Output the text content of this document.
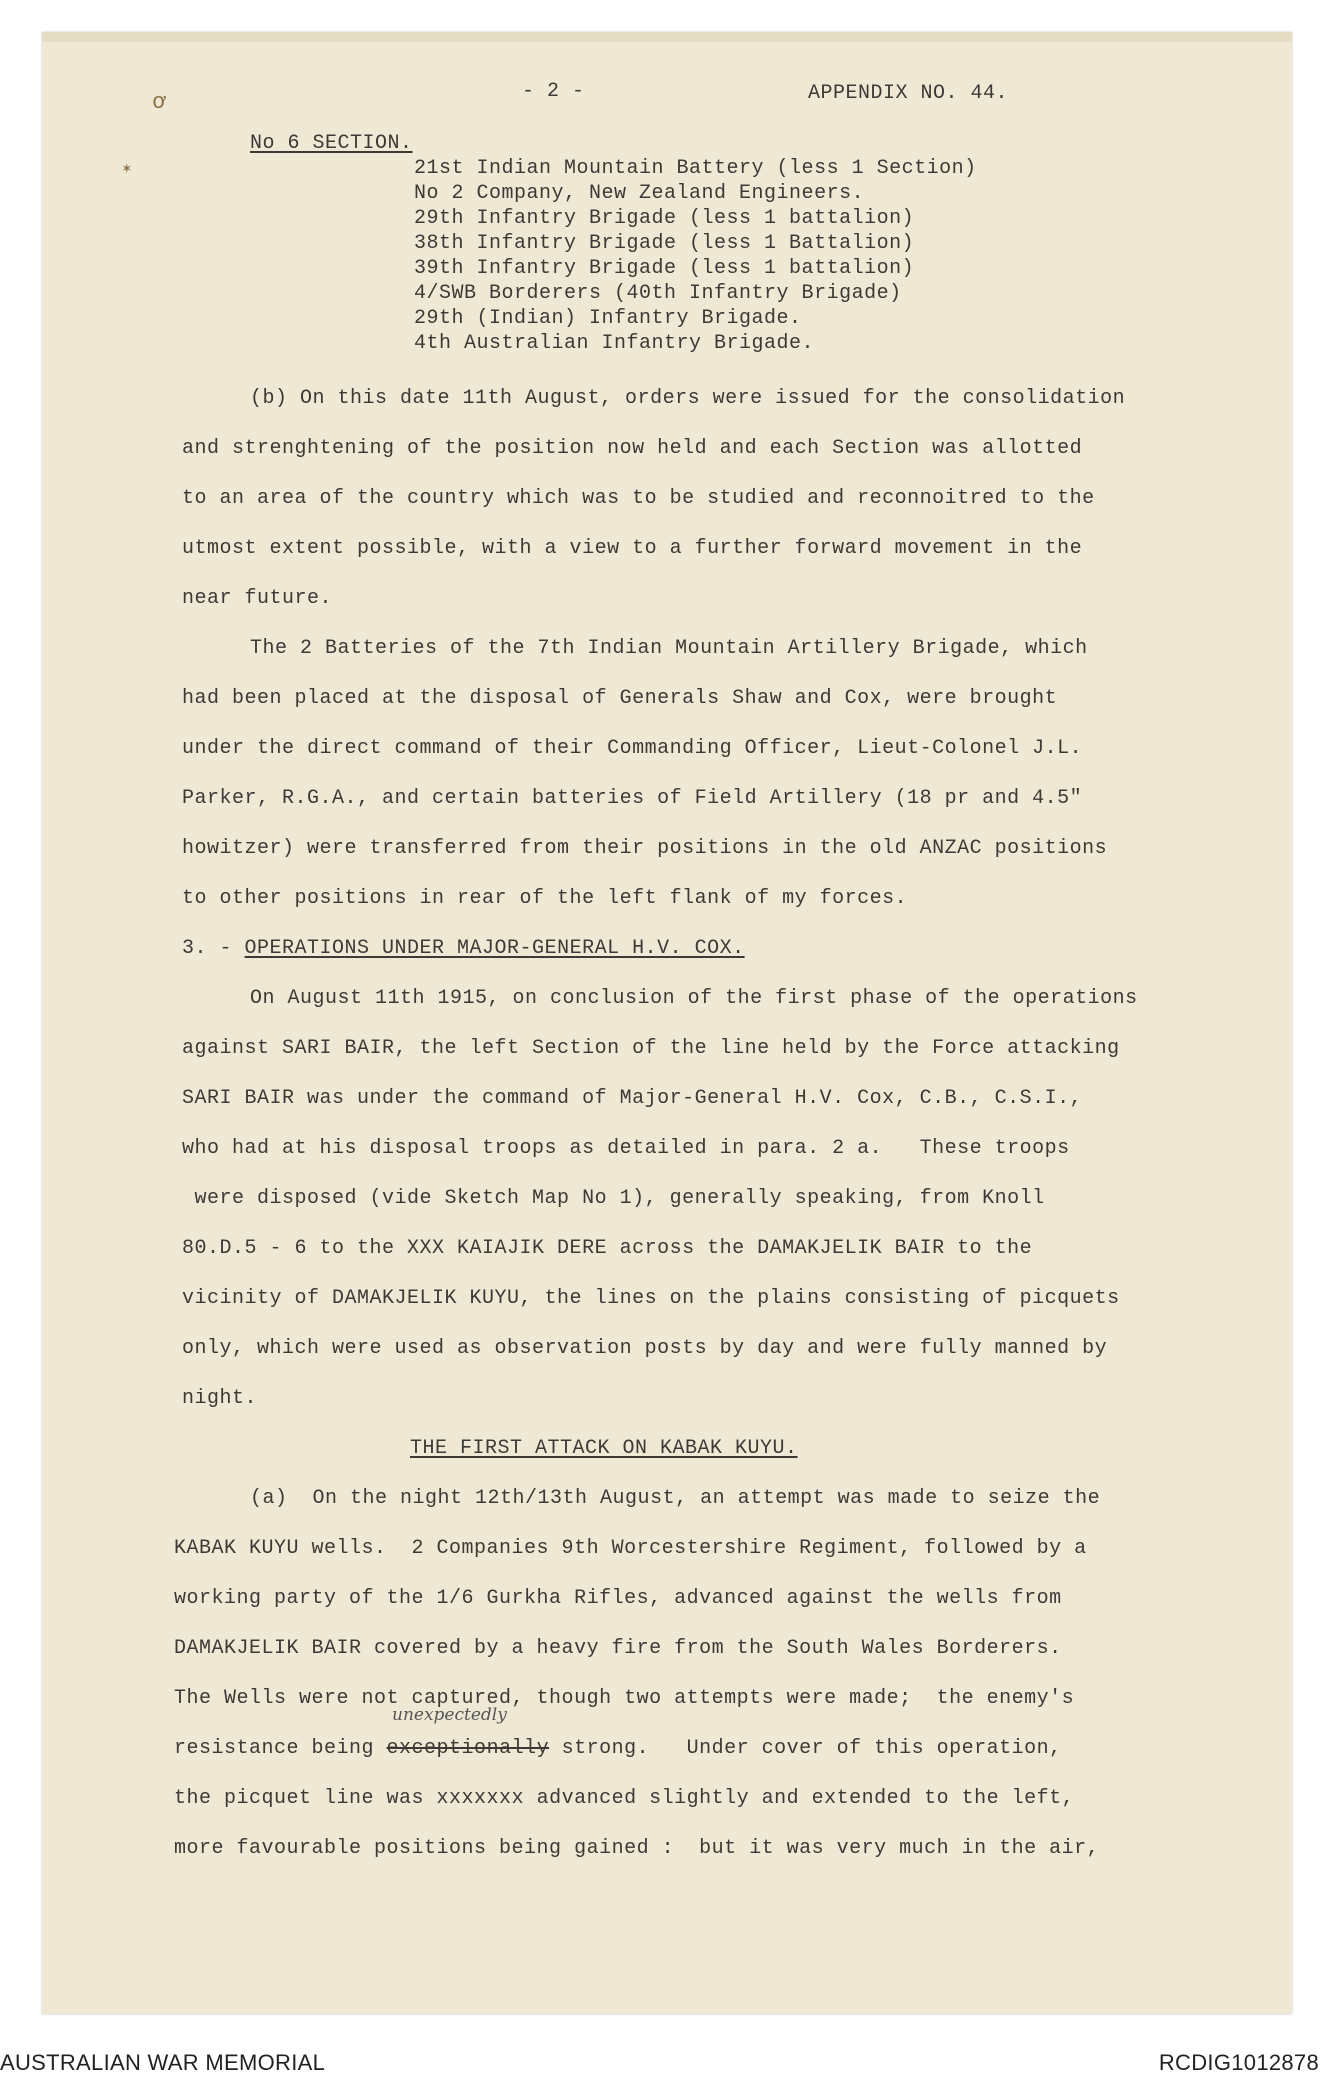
ơ
✶
- 2 -	APPENDIX NO. 44.
No 6 SECTION.
21st Indian Mountain Battery (less 1 Section)
No 2 Company, New Zealand Engineers.
29th Infantry Brigade (less 1 battalion)
38th Infantry Brigade (less 1 Battalion)
39th Infantry Brigade (less 1 battalion)
4/SWB Borderers (40th Infantry Brigade)
29th (Indian) Infantry Brigade.
4th Australian Infantry Brigade.
(b) On this date 11th August, orders were issued for the consolidation
and strenghtening of the position now held and each Section was allotted
to an area of the country which was to be studied and reconnoitred to the
utmost extent possible, with a view to a further forward movement in the
near future.
The 2 Batteries of the 7th Indian Mountain Artillery Brigade, which
had been placed at the disposal of Generals Shaw and Cox, were brought
under the direct command of their Commanding Officer, Lieut-Colonel J.L.
Parker, R.G.A., and certain batteries of Field Artillery (18 pr and 4.5"
howitzer) were transferred from their positions in the old ANZAC positions
to other positions in rear of the left flank of my forces.
3. - OPERATIONS UNDER MAJOR-GENERAL H.V. COX.
On August 11th 1915, on conclusion of the first phase of the operations
against SARI BAIR, the left Section of the line held by the Force attacking
SARI BAIR was under the command of Major-General H.V. Cox, C.B., C.S.I.,
who had at his disposal troops as detailed in para. 2 a.   These troops
were disposed (vide Sketch Map No 1), generally speaking, from Knoll
80.D.5 - 6 to the XXX KAIAJIK DERE across the DAMAKJELIK BAIR to the
vicinity of DAMAKJELIK KUYU, the lines on the plains consisting of picquets
only, which were used as observation posts by day and were fully manned by
night.
THE FIRST ATTACK ON KABAK KUYU.
(a)  On the night 12th/13th August, an attempt was made to seize the
KABAK KUYU wells.  2 Companies 9th Worcestershire Regiment, followed by a
working party of the 1/6 Gurkha Rifles, advanced against the wells from
DAMAKJELIK BAIR covered by a heavy fire from the South Wales Borderers.
The Wells were not captured, though two attempts were made;  the enemy's
unexpectedly
resistance being exceptionally strong.   Under cover of this operation,
the picquet line was xxxxxxx advanced slightly and extended to the left,
more favourable positions being gained :  but it was very much in the air,
AUSTRALIAN WAR MEMORIAL	RCDIG1012878
